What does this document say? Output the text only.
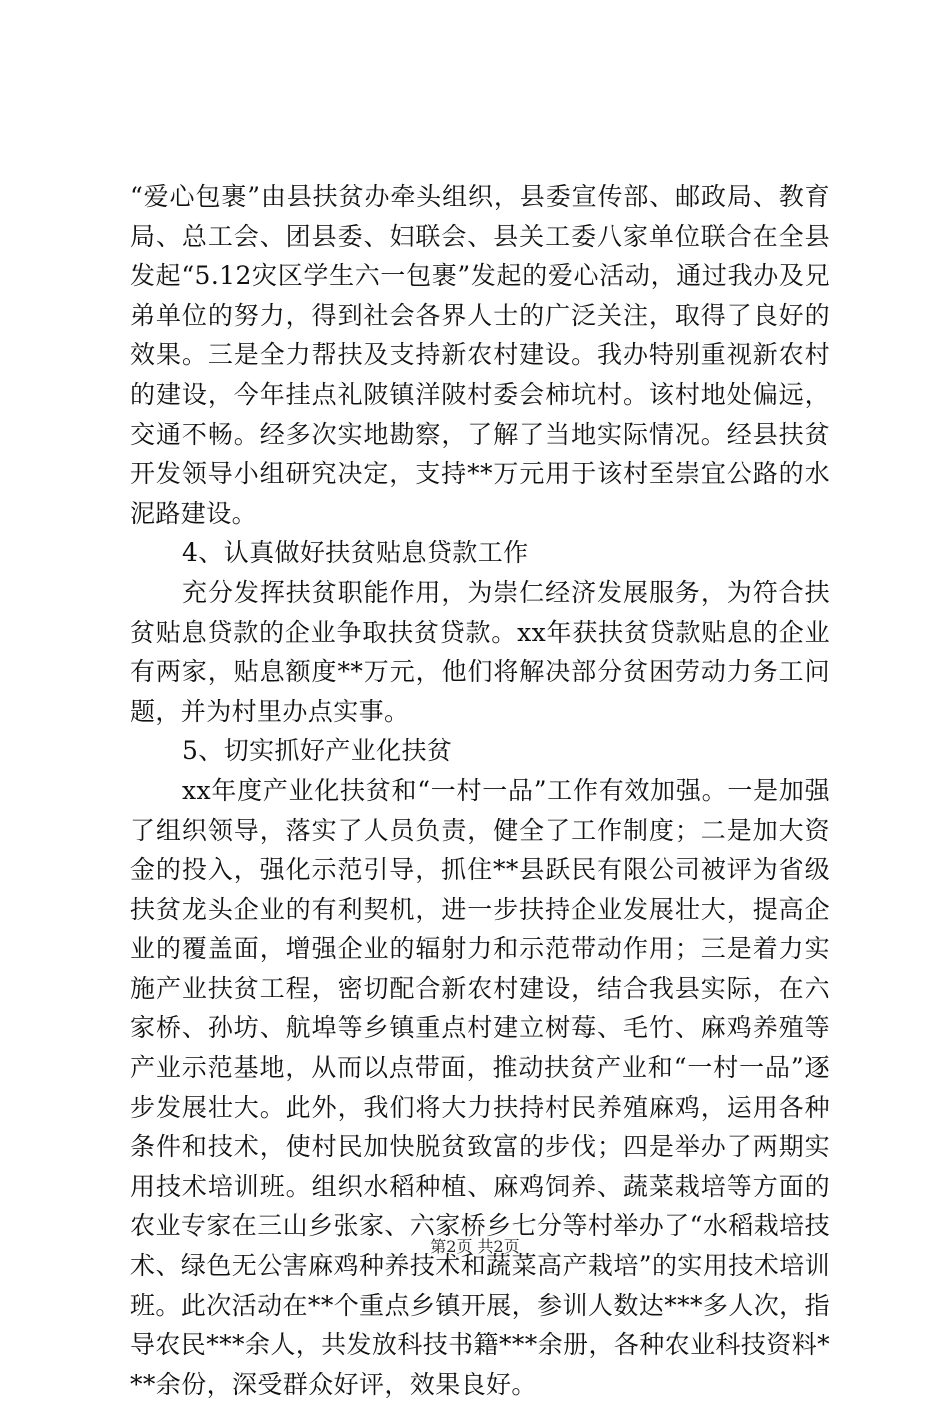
“爱心包裹”由县扶贫办牵头组织，县委宣传部、邮政局、教育局、总工会、团县委、妇联会、县关工委八家单位联合在全县发起“5.12灾区学生六一包裹”发起的爱心活动，通过我办及兄弟单位的努力，得到社会各界人士的广泛关注，取得了良好的效果。三是全力帮扶及支持新农村建设。我办特别重视新农村的建设，今年挂点礼陂镇洋陂村委会柿坑村。该村地处偏远，交通不畅。经多次实地勘察，了解了当地实际情况。经县扶贫开发领导小组研究决定，支持**万元用于该村至崇宜公路的水泥路建设。

4、认真做好扶贫贴息贷款工作

充分发挥扶贫职能作用，为崇仁经济发展服务，为符合扶贫贴息贷款的企业争取扶贫贷款。xx年获扶贫贷款贴息的企业有两家，贴息额度**万元，他们将解决部分贫困劳动力务工问题，并为村里办点实事。

5、切实抓好产业化扶贫

xx年度产业化扶贫和“一村一品”工作有效加强。一是加强了组织领导，落实了人员负责，健全了工作制度；二是加大资金的投入，强化示范引导，抓住**县跃民有限公司被评为省级扶贫龙头企业的有利契机，进一步扶持企业发展壮大，提高企业的覆盖面，增强企业的辐射力和示范带动作用；三是着力实施产业扶贫工程，密切配合新农村建设，结合我县实际，在六家桥、孙坊、航埠等乡镇重点村建立树莓、毛竹、麻鸡养殖等产业示范基地，从而以点带面，推动扶贫产业和“一村一品”逐步发展壮大。此外，我们将大力扶持村民养殖麻鸡，运用各种条件和技术，使村民加快脱贫致富的步伐；四是举办了两期实用技术培训班。组织水稻种植、麻鸡饲养、蔬菜栽培等方面的农业专家在三山乡张家、六家桥乡七分等村举办了“水稻栽培技术、绿色无公害麻鸡种养技术和蔬菜高产栽培”的实用技术培训班。此次活动在**个重点乡镇开展，参训人数达***多人次，指导农民***余人，共发放科技书籍***余册，各种农业科技资料***余份，深受群众好评，效果良好。

第2页 共2页
